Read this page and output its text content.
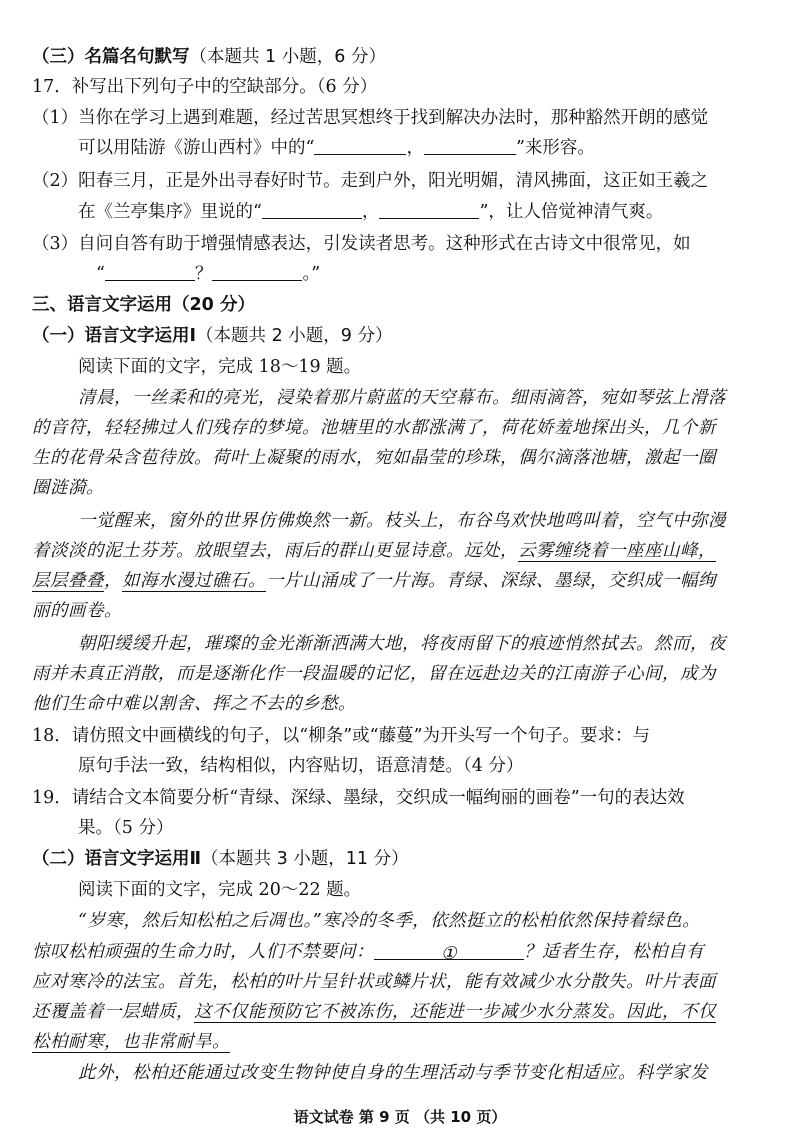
（三）名篇名句默写（本题共 1 小题，6 分）
17．补写出下列句子中的空缺部分。（6 分）
（1）当你在学习上遇到难题，经过苦思冥想终于找到解决办法时，那种豁然开朗的感觉
可以用陆游《游山西村》中的“	，	”来形容。
（2）阳春三月，正是外出寻春好时节。走到户外，阳光明媚，清风拂面，这正如王羲之
在《兰亭集序》里说的“	，	”，让人倍觉神清气爽。
（3）自问自答有助于增强情感表达，引发读者思考。这种形式在古诗文中很常见，如
“	？	。”
三、语言文字运用（20 分）
（一）语言文字运用Ⅰ（本题共 2 小题，9 分）
阅读下面的文字，完成 18～19 题。
清晨，一丝柔和的亮光，浸染着那片蔚蓝的天空幕布。细雨滴答，宛如琴弦上滑落
的音符，轻轻拂过人们残存的梦境。池塘里的水都涨满了，荷花娇羞地探出头，几个新
生的花骨朵含苞待放。荷叶上凝聚的雨水，宛如晶莹的珍珠，偶尔滴落池塘，激起一圈
圈涟漪。
一觉醒来，窗外的世界仿佛焕然一新。枝头上，布谷鸟欢快地鸣叫着，空气中弥漫
着淡淡的泥土芬芳。放眼望去，雨后的群山更显诗意。远处，云雾缠绕着一座座山峰，
层层叠叠，如海水漫过礁石。一片山涌成了一片海。青绿、深绿、墨绿，交织成一幅绚
丽的画卷。
朝阳缓缓升起，璀璨的金光渐渐洒满大地，将夜雨留下的痕迹悄然拭去。然而，夜
雨并未真正消散，而是逐渐化作一段温暖的记忆，留在远赴边关的江南游子心间，成为
他们生命中难以割舍、挥之不去的乡愁。
18．请仿照文中画横线的句子，以“柳条”或“藤蔓”为开头写一个句子。要求：与
原句手法一致，结构相似，内容贴切，语意清楚。（4 分）
19．请结合文本简要分析“青绿、深绿、墨绿，交织成一幅绚丽的画卷”一句的表达效
果。（5 分）
（二）语言文字运用Ⅱ（本题共 3 小题，11 分）
阅读下面的文字，完成 20～22 题。
“岁寒，然后知松柏之后凋也。”寒冷的冬季，依然挺立的松柏依然保持着绿色。
惊叹松柏顽强的生命力时，人们不禁要问：	①	？适者生存，松柏自有
应对寒冷的法宝。首先，松柏的叶片呈针状或鳞片状，能有效减少水分散失。叶片表面
还覆盖着一层蜡质，这不仅能预防它不被冻伤，还能进一步减少水分蒸发。因此，不仅
松柏耐寒，也非常耐旱。
此外，松柏还能通过改变生物钟使自身的生理活动与季节变化相适应。科学家发
语文试卷 第 9 页 （共 10 页）
